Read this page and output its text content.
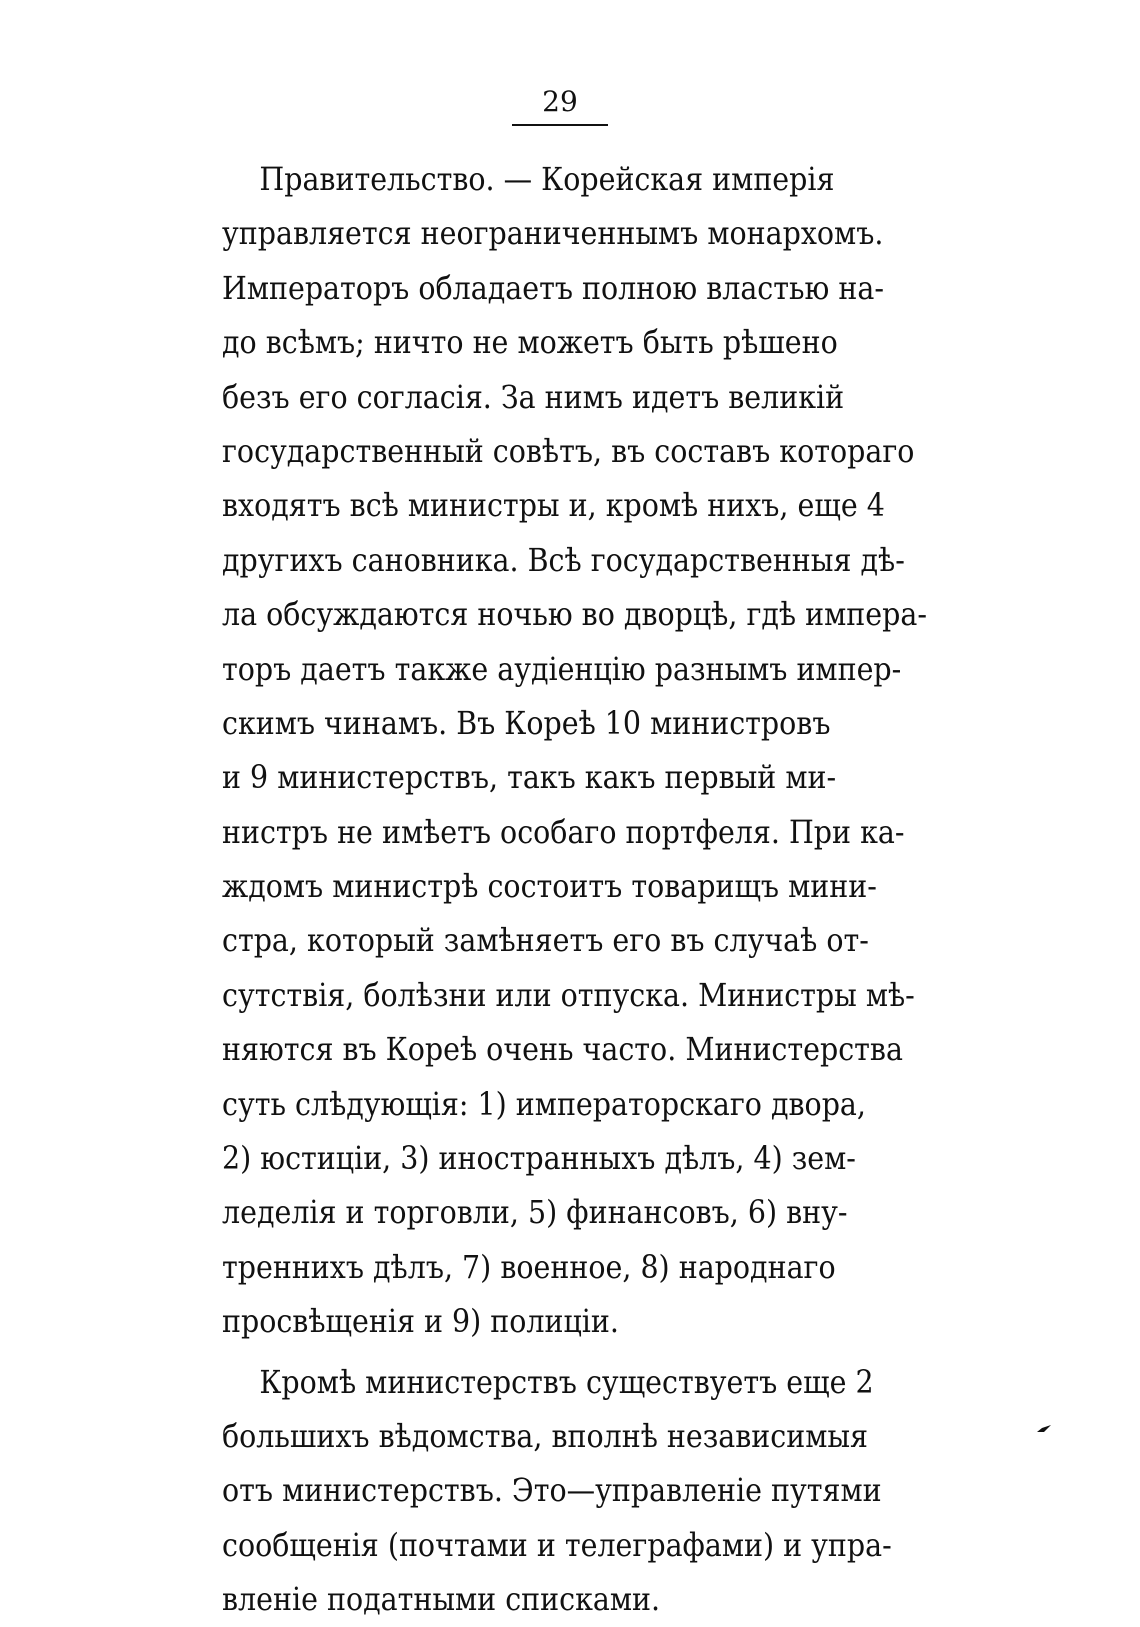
29
Правительство. — Корейская имперія
управляется неограниченнымъ монархомъ.
Императоръ обладаетъ полною властью на-
до всѣмъ; ничто не можетъ быть рѣшено
безъ его согласія. За нимъ идетъ великій
государственный совѣтъ, въ составъ котораго
входятъ всѣ министры и, кромѣ нихъ, еще 4
другихъ сановника. Всѣ государственныя дѣ-
ла обсуждаются ночью во дворцѣ, гдѣ импера-
торъ даетъ также аудіенцію разнымъ импер-
скимъ чинамъ. Въ Кореѣ 10 министровъ
и 9 министерствъ, такъ какъ первый ми-
нистръ не имѣетъ особаго портфеля. При ка-
ждомъ министрѣ состоитъ товарищъ мини-
стра, который замѣняетъ его въ случаѣ от-
сутствія, болѣзни или отпуска. Министры мѣ-
няются въ Кореѣ очень часто. Министерства
суть слѣдующія: 1) императорскаго двора,
2) юстиціи, 3) иностранныхъ дѣлъ, 4) зем-
леделія и торговли, 5) финансовъ, 6) вну-
треннихъ дѣлъ, 7) военное, 8) народнаго
просвѣщенія и 9) полиціи.
Кромѣ министерствъ существуетъ еще 2
большихъ вѣдомства, вполнѣ независимыя
отъ министерствъ. Это—управленіе путями
сообщенія (почтами и телеграфами) и упра-
вленіе податными списками.
